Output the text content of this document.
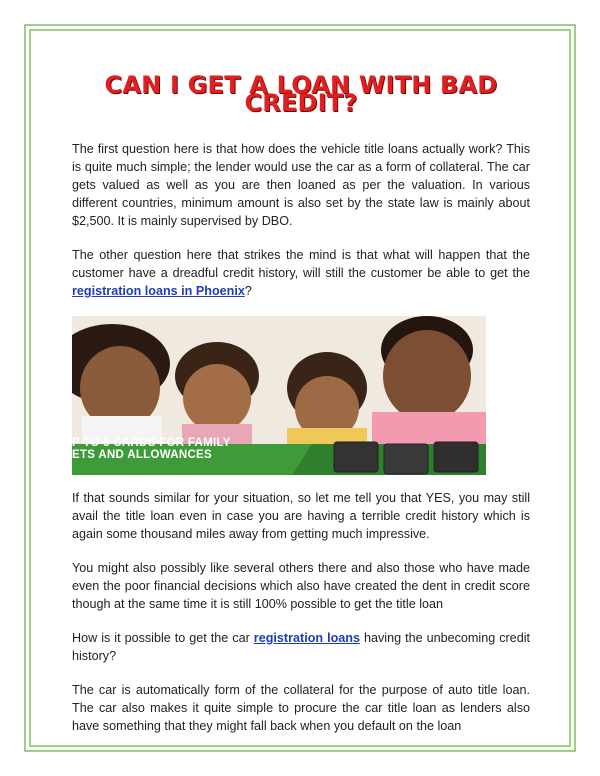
CAN I GET A LOAN WITH BAD CREDIT?

The first question here is that how does the vehicle title loans actually work? This is quite much simple; the lender would use the car as a form of collateral. The car gets valued as well as you are then loaned as per the valuation. In various different countries, minimum amount is also set by the state law is mainly about $2,500. It is mainly supervised by DBO.

The other question here that strikes the mind is that what will happen that the customer have a dreadful credit history, will still the customer be able to get the registration loans in Phoenix?

P TO 5 CARDS FOR FAMILY
ETS AND ALLOWANCES

If that sounds similar for your situation, so let me tell you that YES, you may still avail the title loan even in case you are having a terrible credit history which is again some thousand miles away from getting much impressive.

You might also possibly like several others there and also those who have made even the poor financial decisions which also have created the dent in credit score though at the same time it is still 100% possible to get the title loan

How is it possible to get the car registration loans having the unbecoming credit history?

The car is automatically form of the collateral for the purpose of auto title loan. The car also makes it quite simple to procure the car title loan as lenders also have something that they might fall back when you default on the loan
